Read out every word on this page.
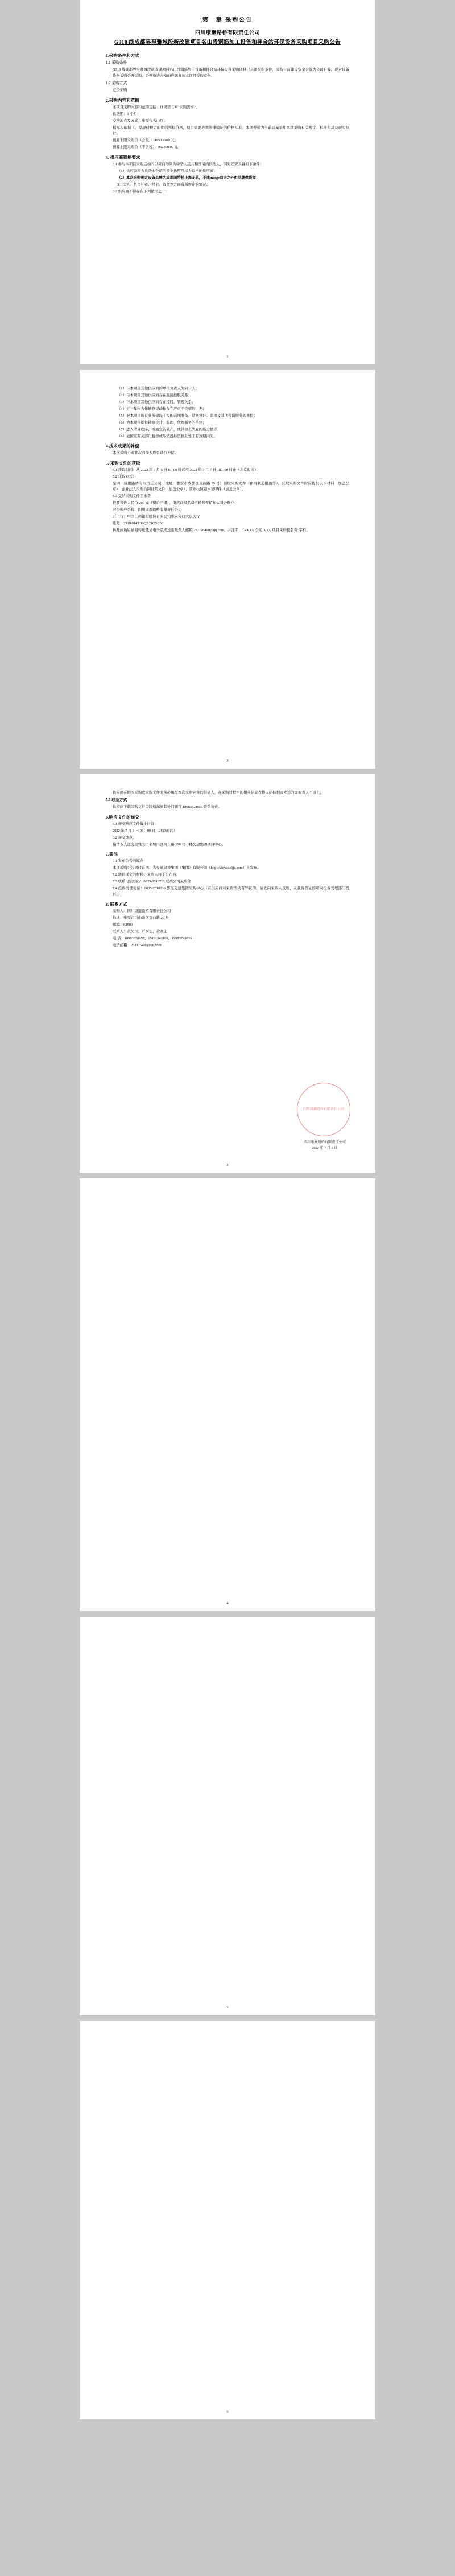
第一章 采购公告
四川康巖路桥有限责任公司
G318 线成都界至雅城段新改建项目名山段钢筋加工设备和拌合站环保设备采购项目采购公告
1.采购条件和方式
1.1 采购条件

G318 线成都界至雅城段新改建项目名山段钢筋加工设备和拌合站环保设备采购项目已具备采购条件，采购目前建设资金来源为公司自筹，现对设备货物采购公开采购，公开邀请合格的应邀参加本项目采购竞争。

1.2 采购方式

竞价采购

2.采购内容和范围

本项目采购内容和范围包括：详见第二章"采购需求"。

供货期：1 个月；

交货地点及方式：雅安市名山区；

招标人依据《、提现付税后的期间判标价格，项目需要必须法律验证的价格标准；本项普通为当前质量采用本项采购有关规定、标准和其及现实执行。

预算上限采购价（含税）：495000.00 元；

预算上限采购价（不含税）：962300.00 元；

3. 供应商资格要求

3.1 参与本项目采购活动的供应商均须为中华人民共和国境内的法人，同时还应具备如下条件：

（1）供应商应为具备本公司的营业执照及法人资格的供应商；

（2）本次采购规定设备品牌为成都国特机上海无花，不适merge商进之外供品牌供货商；

3.1 法人、负责社者、经业、资金等方面有所规定的情况。

3.2 供应商不得存在下列情形之一：

1

（1）与本项目其他供应商的单位负责人为同一人；

（2）与本项目其他供应商存在直接控股关系；

（3）与本项目其他供应商存在控股、管理关系；

（4）近三年内为作转登记动作存在产重不良情形、无；

（5）被本项目所有业务建设工程的前期准备、勘察设计、监理及其他咨询服务的单位；

（6）为本项目提供勘察设计、监理、代理服务的单位；

（7）进入清算程序、或被宣告破产，或其他丧失履约能力情形；

（8）被国家有关部门暂停或取消投标资格且处于有效期内的。

4.技术成果的补偿

本次采购不对此次的技术成果进行补偿。

5. 采购文件的获取

5.1 获取时间：从 2022 年 7 月 5 日 8：00 时起至 2022 年 7 月 7 日 18：00 时止（北京时间）；

5.2 获取方式：

至四川康巖路桥有限责任公司（地址：雅安市成都区贡曲路 29 号）领取采购文件（由可制造报盈等）。获取采购文件时应提供以下材料（加盖公章）：企业法人采购合同证明文件（加盖公章）；营业执照副本复印件（加盖公章）。

5.3 交纳采购文件工本费

报要售价人民币 200 元（整后不退），供应商报名费可转账至招标人对公账户；

对公账户名称：四川康巖路桥有限责任公司

开户行：中国工商银行股份有限公司雅安分行大街支行

账号：2319 0142 09Q2 21O5 256

转账成功后请将转账凭证电子版发送至联系人邮箱 252176460@qq.com，并注明："XXXX 公司 XXX 项目采购报名费"字样。

2

供应商在购买采购或采购文件时务必填写本次采购完备的信息人，在采购过程中的相关信息表将以招标相式发送的虚拟者人不通上；

5.5 联系方式

供应商下载采购文件关陵遗漏到其处问题可 18983828657 联系负责。

6.响应文件的递交

6.1 递交响应文件截止时间：

2022 年 7 月 8 日 09：00 时（北京时间）

6.2 递交地点：

指清专人送交至雅安市名城川区河东路 108 号一楼交建集团项目中心。

7.其他

7.1 发布公告的媒介

本项采购公告同时在四川省交通建设集团（集团）有限公司（http://www.scljjs.com）上发布。

7.2 邀请递交的材料：采购人将于公布后。

7.3 联系电话号码：0835-2616719 联系公司采购部

7.4 投诉受理电话：0835-2310136 都交交建集团采购中心（若供应商对采购活动有异议的，请先向采购人反映，未获得答复的可向投诉受理部门投诉。）

8. 联系方式

采购人：四川康巖路桥有限责任公司

地址：雅安市贡曲路区贡曲路 29 号

邮编：62500

联系人：黄先生、严女士、黄女士

电 话：18983828657、15191343163、19983793033

电子邮箱：252176460@qq.com

四川康巖路桥有限责任公司
四川康巖路桥有限责任公司
2022 年 7 月 5 日
3
4
5
6
